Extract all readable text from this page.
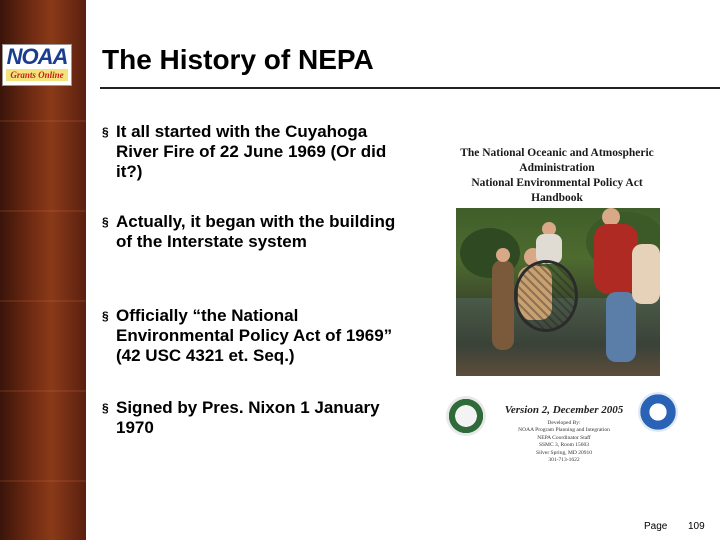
NOAA
Grants Online The History of NEPA
§ It all started with the Cuyahoga River Fire of 22 June 1969 (Or did it?)
§ Actually, it began with the building of the Interstate system
§ Officially “the National Environmental Policy Act of 1969” (42 USC 4321 et. Seq.)
§ Signed by Pres. Nixon 1 January 1970
The National Oceanic and Atmospheric
Administration
National Environmental Policy Act
Handbook
Version 2, December 2005
Developed By:
NOAA Program Planning and Integration
NEPA Coordinator Staff
SSMC 3, Room 15603
Silver Spring, MD 20910
301-713-1622
Page 109
